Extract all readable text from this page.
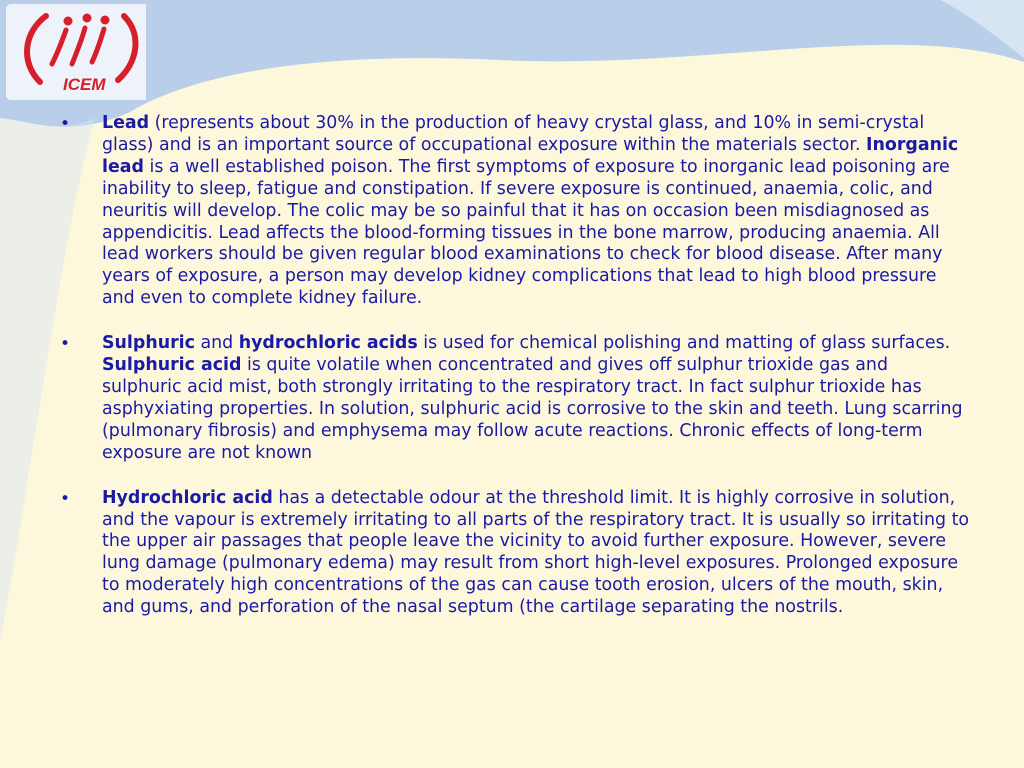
ICEM
• Lead (represents about 30% in the production of heavy crystal glass, and 10% in semi-crystal glass) and is an important source of occupational exposure within the materials sector. Inorganic lead is a well established poison. The first symptoms of exposure to inorganic lead poisoning are inability to sleep, fatigue and constipation. If severe exposure is continued, anaemia, colic, and neuritis will develop. The colic may be so painful that it has on occasion been misdiagnosed as appendicitis. Lead affects the blood-forming tissues in the bone marrow, producing anaemia. All lead workers should be given regular blood examinations to check for blood disease. After many years of exposure, a person may develop kidney complications that lead to high blood pressure and even to complete kidney failure.

• Sulphuric and hydrochloric acids is used for chemical polishing and matting of glass surfaces. Sulphuric acid is quite volatile when concentrated and gives off sulphur trioxide gas and sulphuric acid mist, both strongly irritating to the respiratory tract. In fact sulphur trioxide has asphyxiating properties. In solution, sulphuric acid is corrosive to the skin and teeth. Lung scarring (pulmonary fibrosis) and emphysema may follow acute reactions. Chronic effects of long-term exposure are not known

• Hydrochloric acid has a detectable odour at the threshold limit. It is highly corrosive in solution, and the vapour is extremely irritating to all parts of the respiratory tract. It is usually so irritating to the upper air passages that people leave the vicinity to avoid further exposure. However, severe lung damage (pulmonary edema) may result from short high-level exposures. Prolonged exposure to moderately high concentrations of the gas can cause tooth erosion, ulcers of the mouth, skin, and gums, and perforation of the nasal septum (the cartilage separating the nostrils.
